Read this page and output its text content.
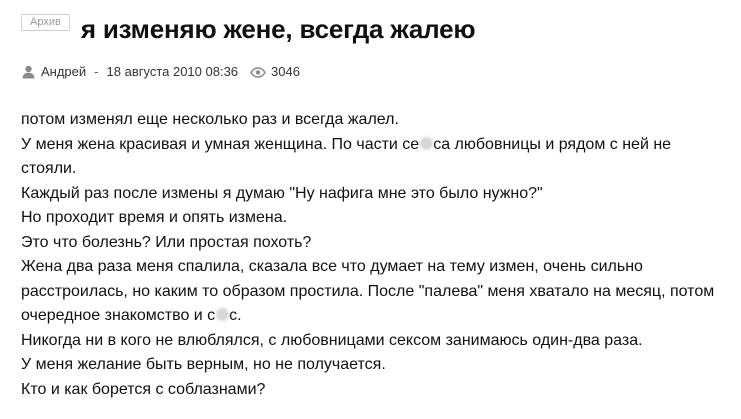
Архив я изменяю жене, всегда жалею
Андрей - 18 августа 2010 08:36	3046

потом изменял еще несколько раз и всегда жалел.

У меня жена красивая и умная женщина. По части се са любовницы и рядом с ней не

стояли.

Каждый раз после измены я думаю "Ну нафига мне это было нужно?"

Но проходит время и опять измена.

Это что болезнь? Или простая похоть?

Жена два раза меня спалила, сказала все что думает на тему измен, очень сильно

расстроилась, но каким то образом простила. После "палева" меня хватало на месяц, потом

очередное знакомство и с с.

Никогда ни в кого не влюблялся, с любовницами сексом занимаюсь один-два раза.

У меня желание быть верным, но не получается.

Кто и как борется с соблазнами?
